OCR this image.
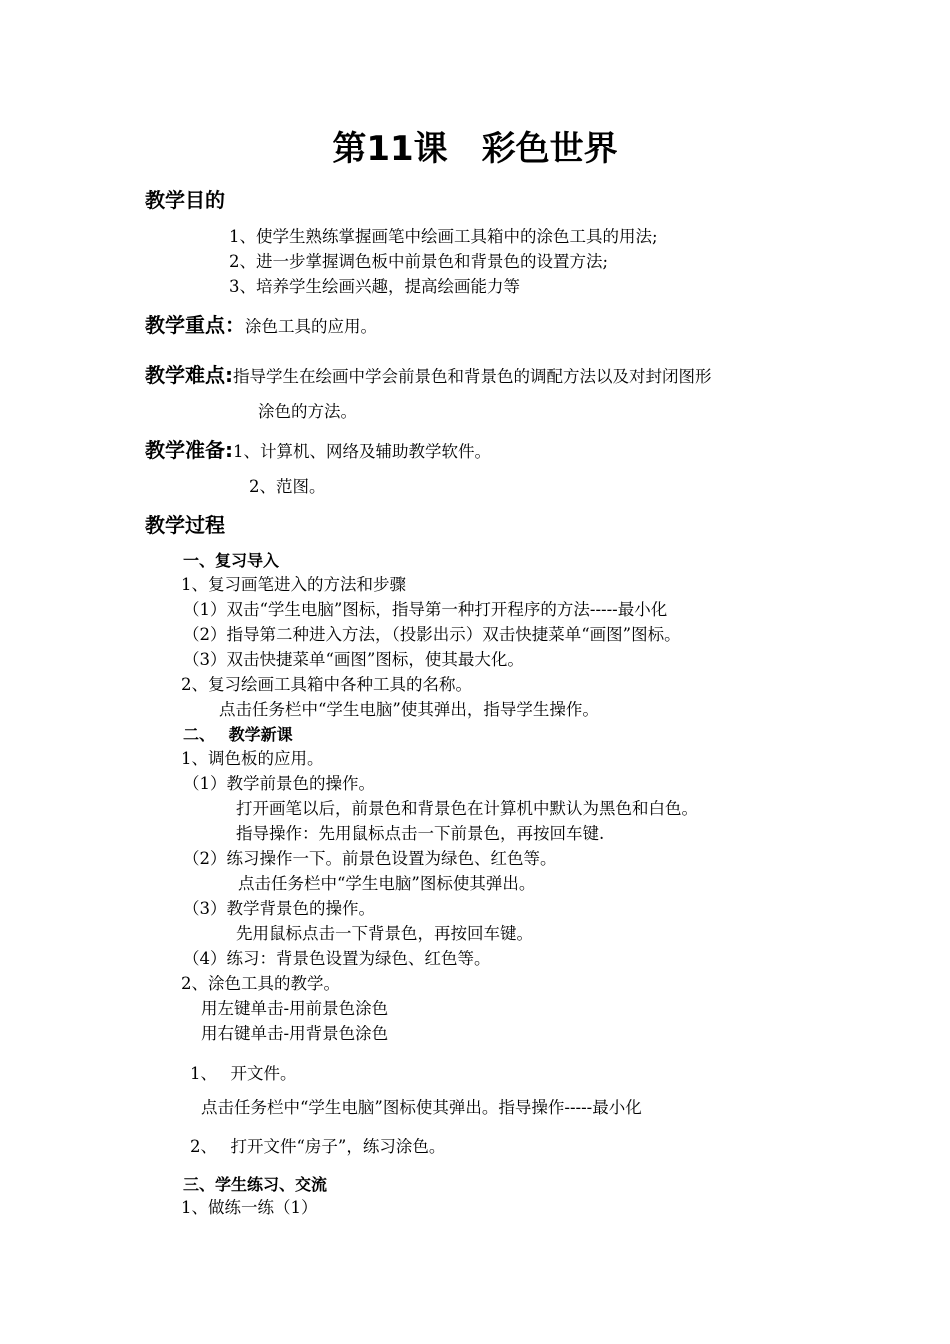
第11课　彩色世界
教学目的
1、使学生熟练掌握画笔中绘画工具箱中的涂色工具的用法;
2、进一步掌握调色板中前景色和背景色的设置方法;
3、培养学生绘画兴趣，提高绘画能力等
教学重点：涂色工具的应用。
教学难点:指导学生在绘画中学会前景色和背景色的调配方法以及对封闭图形
涂色的方法。
教学准备:1、计算机、网络及辅助教学软件。
2、范图。
教学过程
一、复习导入
1、复习画笔进入的方法和步骤
（1）双击“学生电脑”图标，指导第一种打开程序的方法-----最小化
（2）指导第二种进入方法，（投影出示）双击快捷菜单“画图”图标。
（3）双击快捷菜单“画图”图标，使其最大化。
2、复习绘画工具箱中各种工具的名称。
点击任务栏中“学生电脑”使其弹出，指导学生操作。
二、　 教学新课
1、调色板的应用。
（1）教学前景色的操作。
打开画笔以后，前景色和背景色在计算机中默认为黑色和白色。
指导操作：先用鼠标点击一下前景色，再按回车键.
（2）练习操作一下。前景色设置为绿色、红色等。
点击任务栏中“学生电脑”图标使其弹出。
（3）教学背景色的操作。
先用鼠标点击一下背景色，再按回车键。
（4）练习：背景色设置为绿色、红色等。
2、涂色工具的教学。
用左键单击-用前景色涂色
用右键单击-用背景色涂色
1、　 开文件。
点击任务栏中“学生电脑”图标使其弹出。指导操作-----最小化
2、　 打开文件“房子”，练习涂色。
三、学生练习、交流
1、做练一练（1）
